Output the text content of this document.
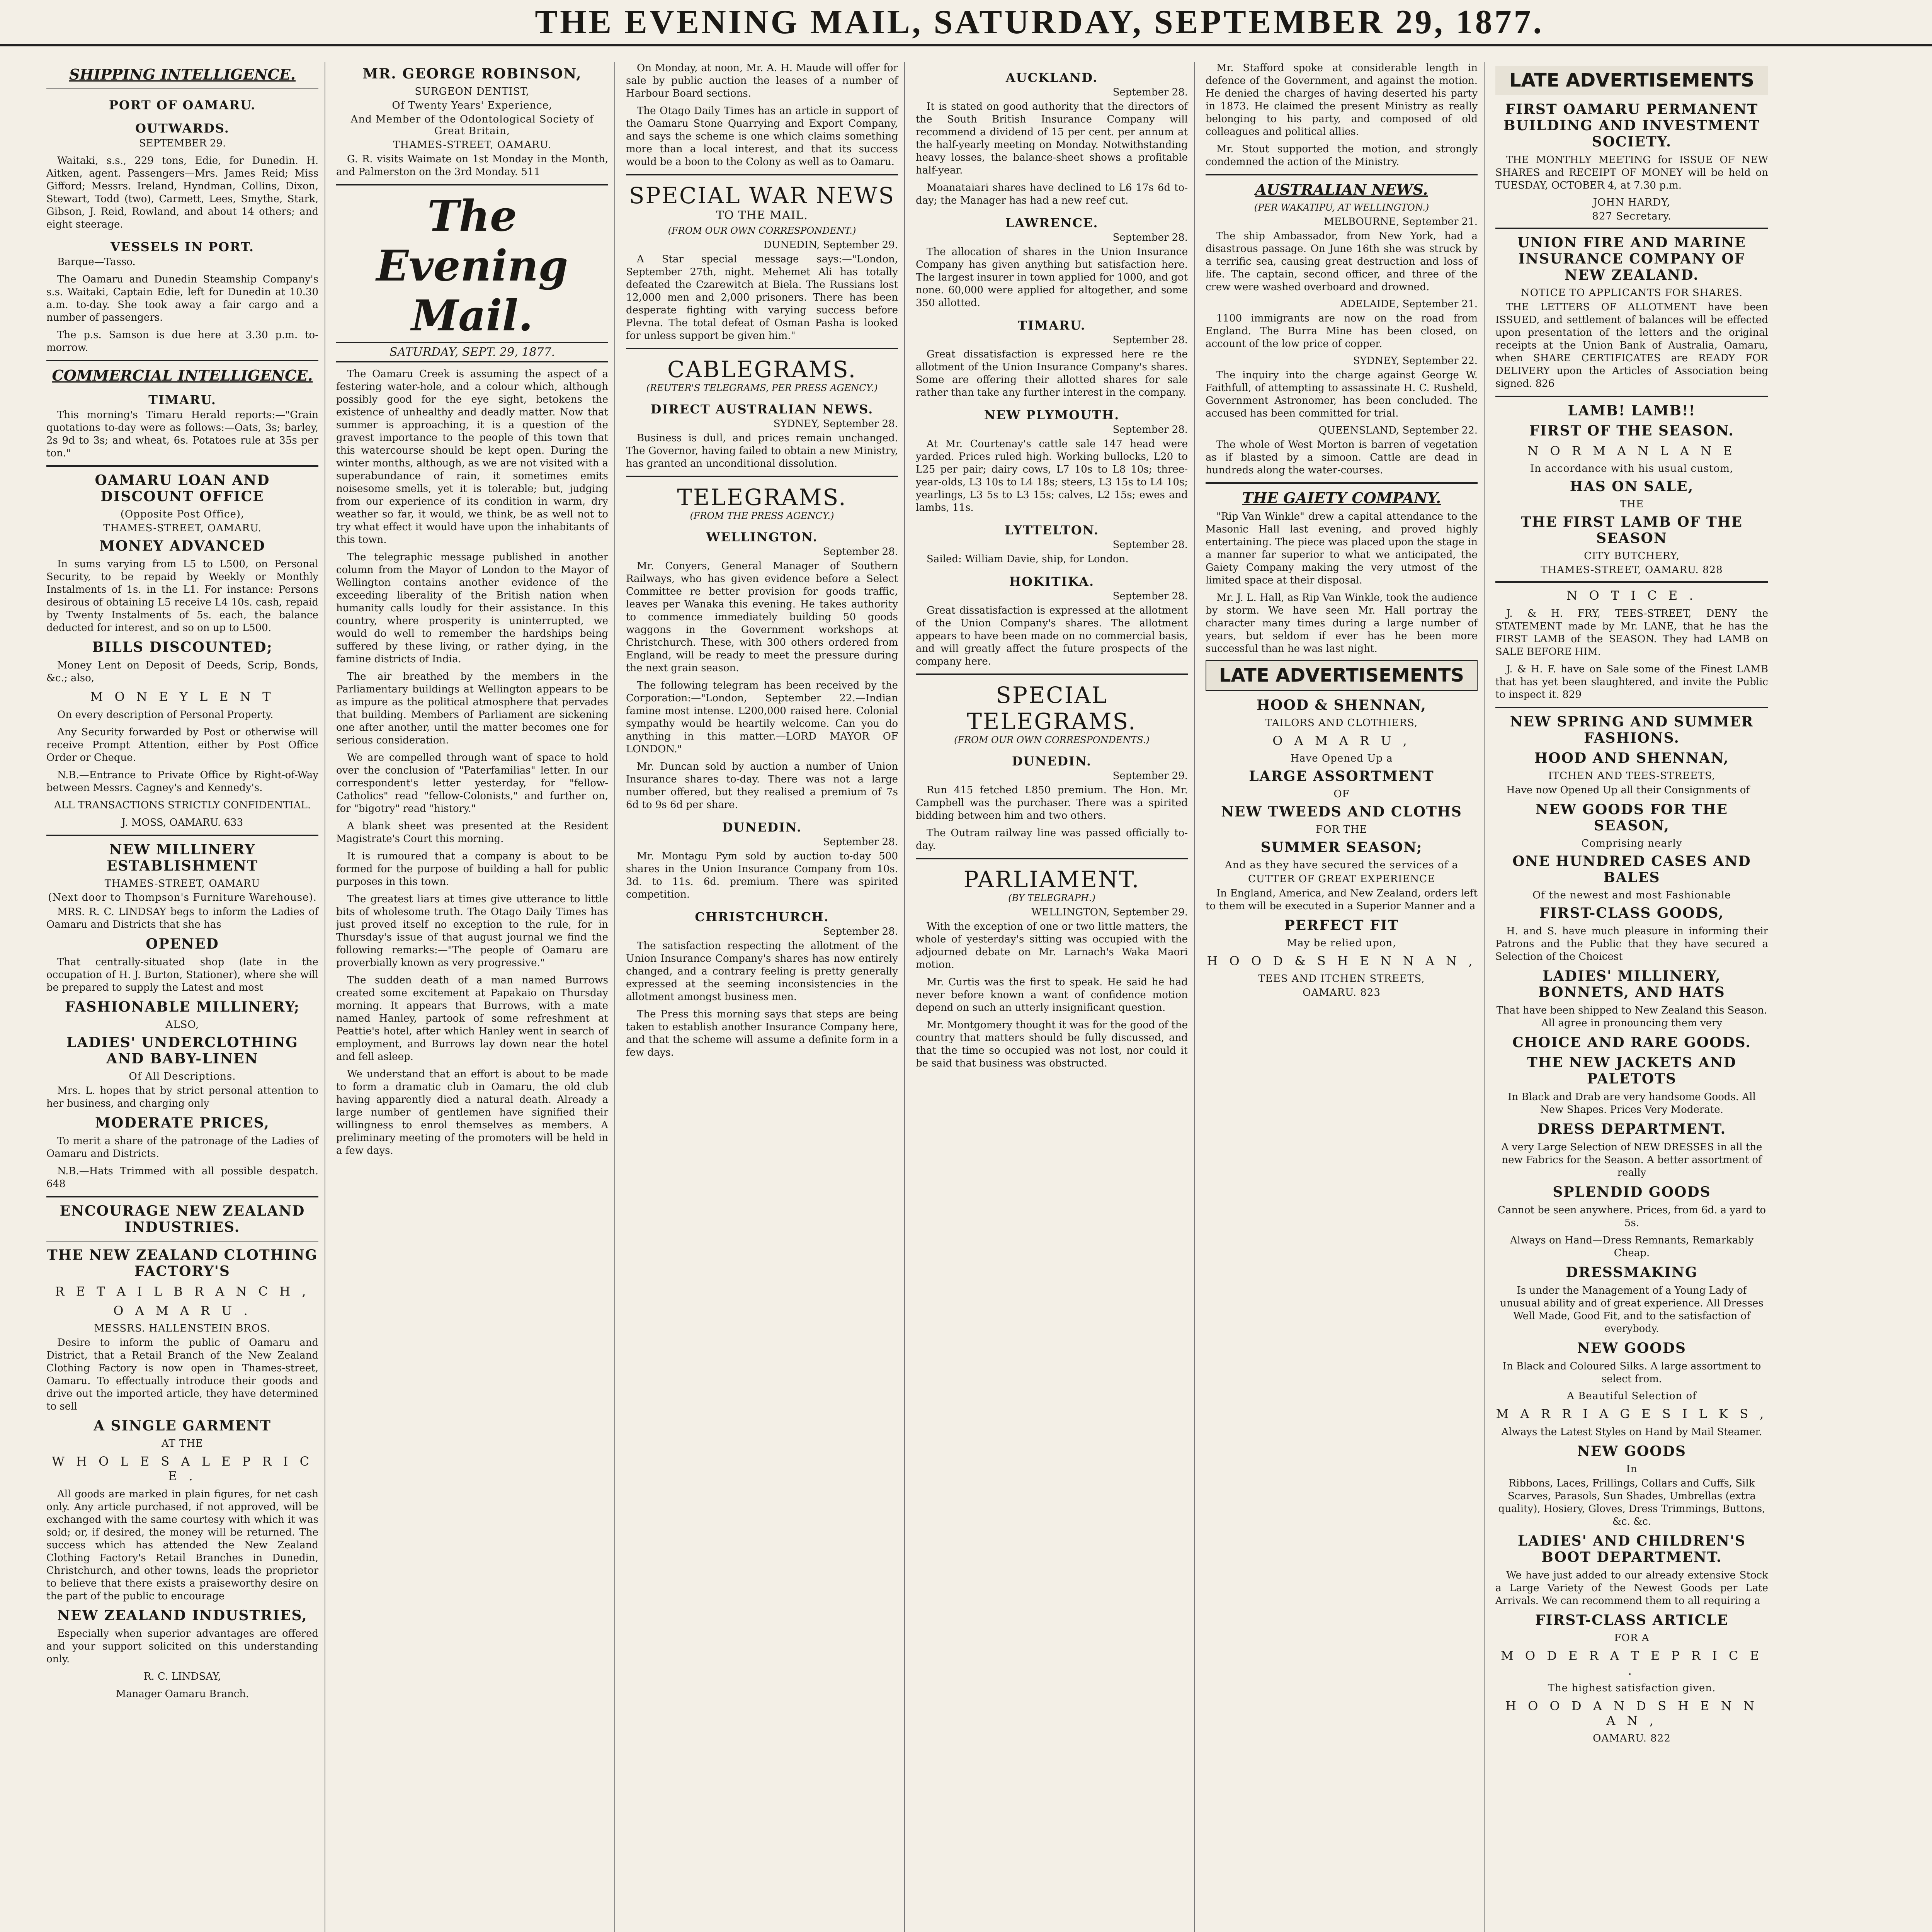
THE EVENING MAIL, SATURDAY, SEPTEMBER 29, 1877.
SHIPPING INTELLIGENCE.
PORT OF OAMARU.
OUTWARDS.

SEPTEMBER 29.

Waitaki, s.s., 229 tons, Edie, for Dunedin. H. Aitken, agent. Passengers—Mrs. James Reid; Miss Gifford; Messrs. Ireland, Hyndman, Collins, Dixon, Stewart, Todd (two), Carmett, Lees, Smythe, Stark, Gibson, J. Reid, Rowland, and about 14 others; and eight steerage.

VESSELS IN PORT.

Barque—Tasso.

The Oamaru and Dunedin Steamship Company's s.s. Waitaki, Captain Edie, left for Dunedin at 10.30 a.m. to-day. She took away a fair cargo and a number of passengers.

The p.s. Samson is due here at 3.30 p.m. to-morrow.

COMMERCIAL INTELLIGENCE.
TIMARU.

This morning's Timaru Herald reports:—"Grain quotations to-day were as follows:—Oats, 3s; barley, 2s 9d to 3s; and wheat, 6s. Potatoes rule at 35s per ton."

OAMARU LOAN AND DISCOUNT OFFICE
(Opposite Post Office),
THAMES-STREET, OAMARU.
MONEY ADVANCED

In sums varying from L5 to L500, on Personal Security, to be repaid by Weekly or Monthly Instalments of 1s. in the L1. For instance: Persons desirous of obtaining L5 receive L4 10s. cash, repaid by Twenty Instalments of 5s. each, the balance deducted for interest, and so on up to L500.

BILLS DISCOUNTED;

Money Lent on Deposit of Deeds, Scrip, Bonds, &c.; also,

M O N E Y L E N T

On every description of Personal Property.

Any Security forwarded by Post or otherwise will receive Prompt Attention, either by Post Office Order or Cheque.

N.B.—Entrance to Private Office by Right-of-Way between Messrs. Cagney's and Kennedy's.

ALL TRANSACTIONS STRICTLY CONFIDENTIAL.

J. MOSS, OAMARU. 633

NEW MILLINERY ESTABLISHMENT
THAMES-STREET, OAMARU
(Next door to Thompson's Furniture Warehouse).

MRS. R. C. LINDSAY begs to inform the Ladies of Oamaru and Districts that she has

OPENED

That centrally-situated shop (late in the occupation of H. J. Burton, Stationer), where she will be prepared to supply the Latest and most

FASHIONABLE MILLINERY;
ALSO,
LADIES' UNDERCLOTHING AND BABY-LINEN
Of All Descriptions.

Mrs. L. hopes that by strict personal attention to her business, and charging only

MODERATE PRICES,

To merit a share of the patronage of the Ladies of Oamaru and Districts.

N.B.—Hats Trimmed with all possible despatch. 648

ENCOURAGE NEW ZEALAND INDUSTRIES.
THE NEW ZEALAND CLOTHING FACTORY'S
R E T A I L B R A N C H ,
O A M A R U .
MESSRS. HALLENSTEIN BROS.

Desire to inform the public of Oamaru and District, that a Retail Branch of the New Zealand Clothing Factory is now open in Thames-street, Oamaru. To effectually introduce their goods and drive out the imported article, they have determined to sell

A SINGLE GARMENT
AT THE
W H O L E S A L E P R I C E .

All goods are marked in plain figures, for net cash only. Any article purchased, if not approved, will be exchanged with the same courtesy with which it was sold; or, if desired, the money will be returned. The success which has attended the New Zealand Clothing Factory's Retail Branches in Dunedin, Christchurch, and other towns, leads the proprietor to believe that there exists a praiseworthy desire on the part of the public to encourage

NEW ZEALAND INDUSTRIES,

Especially when superior advantages are offered and your support solicited on this understanding only.

R. C. LINDSAY,

Manager Oamaru Branch.

MR. GEORGE ROBINSON,
SURGEON DENTIST,
Of Twenty Years' Experience,
And Member of the Odontological Society of Great Britain,
THAMES-STREET, OAMARU.

G. R. visits Waimate on 1st Monday in the Month, and Palmerston on the 3rd Monday. 511

The Evening Mail.
SATURDAY, SEPT. 29, 1877.

The Oamaru Creek is assuming the aspect of a festering water-hole, and a colour which, although possibly good for the eye sight, betokens the existence of unhealthy and deadly matter. Now that summer is approaching, it is a question of the gravest importance to the people of this town that this watercourse should be kept open. During the winter months, although, as we are not visited with a superabundance of rain, it sometimes emits noisesome smells, yet it is tolerable; but, judging from our experience of its condition in warm, dry weather so far, it would, we think, be as well not to try what effect it would have upon the inhabitants of this town.

The telegraphic message published in another column from the Mayor of London to the Mayor of Wellington contains another evidence of the exceeding liberality of the British nation when humanity calls loudly for their assistance. In this country, where prosperity is uninterrupted, we would do well to remember the hardships being suffered by these living, or rather dying, in the famine districts of India.

The air breathed by the members in the Parliamentary buildings at Wellington appears to be as impure as the political atmosphere that pervades that building. Members of Parliament are sickening one after another, until the matter becomes one for serious consideration.

We are compelled through want of space to hold over the conclusion of "Paterfamilias" letter. In our correspondent's letter yesterday, for "fellow-Catholics" read "fellow-Colonists," and further on, for "bigotry" read "history."

A blank sheet was presented at the Resident Magistrate's Court this morning.

It is rumoured that a company is about to be formed for the purpose of building a hall for public purposes in this town.

The greatest liars at times give utterance to little bits of wholesome truth. The Otago Daily Times has just proved itself no exception to the rule, for in Thursday's issue of that august journal we find the following remarks:—"The people of Oamaru are proverbially known as very progressive."

The sudden death of a man named Burrows created some excitement at Papakaio on Thursday morning. It appears that Burrows, with a mate named Hanley, partook of some refreshment at Peattie's hotel, after which Hanley went in search of employment, and Burrows lay down near the hotel and fell asleep.

We understand that an effort is about to be made to form a dramatic club in Oamaru, the old club having apparently died a natural death. Already a large number of gentlemen have signified their willingness to enrol themselves as members. A preliminary meeting of the promoters will be held in a few days.

On Monday, at noon, Mr. A. H. Maude will offer for sale by public auction the leases of a number of Harbour Board sections.

The Otago Daily Times has an article in support of the Oamaru Stone Quarrying and Export Company, and says the scheme is one which claims something more than a local interest, and that its success would be a boon to the Colony as well as to Oamaru.

SPECIAL WAR NEWS
TO THE MAIL.
(FROM OUR OWN CORRESPONDENT.)
DUNEDIN, September 29.

A Star special message says:—"London, September 27th, night. Mehemet Ali has totally defeated the Czarewitch at Biela. The Russians lost 12,000 men and 2,000 prisoners. There has been desperate fighting with varying success before Plevna. The total defeat of Osman Pasha is looked for unless support be given him."

CABLEGRAMS.
(REUTER'S TELEGRAMS, PER PRESS AGENCY.)
DIRECT AUSTRALIAN NEWS.
SYDNEY, September 28.

Business is dull, and prices remain unchanged. The Governor, having failed to obtain a new Ministry, has granted an unconditional dissolution.

TELEGRAMS.
(FROM THE PRESS AGENCY.)
WELLINGTON.
September 28.

Mr. Conyers, General Manager of Southern Railways, who has given evidence before a Select Committee re better provision for goods traffic, leaves per Wanaka this evening. He takes authority to commence immediately building 50 goods waggons in the Government workshops at Christchurch. These, with 300 others ordered from England, will be ready to meet the pressure during the next grain season.

The following telegram has been received by the Corporation:—"London, September 22.—Indian famine most intense. L200,000 raised here. Colonial sympathy would be heartily welcome. Can you do anything in this matter.—LORD MAYOR OF LONDON."

Mr. Duncan sold by auction a number of Union Insurance shares to-day. There was not a large number offered, but they realised a premium of 7s 6d to 9s 6d per share.

DUNEDIN.
September 28.

Mr. Montagu Pym sold by auction to-day 500 shares in the Union Insurance Company from 10s. 3d. to 11s. 6d. premium. There was spirited competition.

CHRISTCHURCH.
September 28.

The satisfaction respecting the allotment of the Union Insurance Company's shares has now entirely changed, and a contrary feeling is pretty generally expressed at the seeming inconsistencies in the allotment amongst business men.

The Press this morning says that steps are being taken to establish another Insurance Company here, and that the scheme will assume a definite form in a few days.

AUCKLAND.
September 28.

It is stated on good authority that the directors of the South British Insurance Company will recommend a dividend of 15 per cent. per annum at the half-yearly meeting on Monday. Notwithstanding heavy losses, the balance-sheet shows a profitable half-year.

Moanataiari shares have declined to L6 17s 6d to-day; the Manager has had a new reef cut.

LAWRENCE.
September 28.

The allocation of shares in the Union Insurance Company has given anything but satisfaction here. The largest insurer in town applied for 1000, and got none. 60,000 were applied for altogether, and some 350 allotted.

TIMARU.
September 28.

Great dissatisfaction is expressed here re the allotment of the Union Insurance Company's shares. Some are offering their allotted shares for sale rather than take any further interest in the company.

NEW PLYMOUTH.
September 28.

At Mr. Courtenay's cattle sale 147 head were yarded. Prices ruled high. Working bullocks, L20 to L25 per pair; dairy cows, L7 10s to L8 10s; three-year-olds, L3 10s to L4 18s; steers, L3 15s to L4 10s; yearlings, L3 5s to L3 15s; calves, L2 15s; ewes and lambs, 11s.

LYTTELTON.
September 28.

Sailed: William Davie, ship, for London.

HOKITIKA.
September 28.

Great dissatisfaction is expressed at the allotment of the Union Company's shares. The allotment appears to have been made on no commercial basis, and will greatly affect the future prospects of the company here.

SPECIAL TELEGRAMS.
(FROM OUR OWN CORRESPONDENTS.)
DUNEDIN.
September 29.

Run 415 fetched L850 premium. The Hon. Mr. Campbell was the purchaser. There was a spirited bidding between him and two others.

The Outram railway line was passed officially to-day.

PARLIAMENT.
(BY TELEGRAPH.)
WELLINGTON, September 29.

With the exception of one or two little matters, the whole of yesterday's sitting was occupied with the adjourned debate on Mr. Larnach's Waka Maori motion.

Mr. Curtis was the first to speak. He said he had never before known a want of confidence motion depend on such an utterly insignificant question.

Mr. Montgomery thought it was for the good of the country that matters should be fully discussed, and that the time so occupied was not lost, nor could it be said that business was obstructed.

Mr. Stafford spoke at considerable length in defence of the Government, and against the motion. He denied the charges of having deserted his party in 1873. He claimed the present Ministry as really belonging to his party, and composed of old colleagues and political allies.

Mr. Stout supported the motion, and strongly condemned the action of the Ministry.

AUSTRALIAN NEWS.
(PER WAKATIPU, AT WELLINGTON.)
MELBOURNE, September 21.

The ship Ambassador, from New York, had a disastrous passage. On June 16th she was struck by a terrific sea, causing great destruction and loss of life. The captain, second officer, and three of the crew were washed overboard and drowned.

ADELAIDE, September 21.

1100 immigrants are now on the road from England. The Burra Mine has been closed, on account of the low price of copper.

SYDNEY, September 22.

The inquiry into the charge against George W. Faithfull, of attempting to assassinate H. C. Rusheld, Government Astronomer, has been concluded. The accused has been committed for trial.

QUEENSLAND, September 22.

The whole of West Morton is barren of vegetation as if blasted by a simoon. Cattle are dead in hundreds along the water-courses.

THE GAIETY COMPANY.

"Rip Van Winkle" drew a capital attendance to the Masonic Hall last evening, and proved highly entertaining. The piece was placed upon the stage in a manner far superior to what we anticipated, the Gaiety Company making the very utmost of the limited space at their disposal.

Mr. J. L. Hall, as Rip Van Winkle, took the audience by storm. We have seen Mr. Hall portray the character many times during a large number of years, but seldom if ever has he been more successful than he was last night.

LATE ADVERTISEMENTS
HOOD & SHENNAN,
TAILORS AND CLOTHIERS,
O A M A R U ,
Have Opened Up a
LARGE ASSORTMENT
OF
NEW TWEEDS AND CLOTHS
FOR THE
SUMMER SEASON;
And as they have secured the services of a
CUTTER OF GREAT EXPERIENCE

In England, America, and New Zealand, orders left to them will be executed in a Superior Manner and a

PERFECT FIT
May be relied upon,
H O O D & S H E N N A N ,
TEES AND ITCHEN STREETS,
OAMARU. 823
LATE ADVERTISEMENTS
FIRST OAMARU PERMANENT BUILDING AND INVESTMENT SOCIETY.

THE MONTHLY MEETING for ISSUE OF NEW SHARES and RECEIPT OF MONEY will be held on TUESDAY, OCTOBER 4, at 7.30 p.m.

JOHN HARDY,
827 Secretary.
UNION FIRE AND MARINE INSURANCE COMPANY OF NEW ZEALAND.
NOTICE TO APPLICANTS FOR SHARES.

THE LETTERS OF ALLOTMENT have been ISSUED, and settlement of balances will be effected upon presentation of the letters and the original receipts at the Union Bank of Australia, Oamaru, when SHARE CERTIFICATES are READY FOR DELIVERY upon the Articles of Association being signed. 826

LAMB! LAMB!!
FIRST OF THE SEASON.
N O R M A N L A N E
In accordance with his usual custom,
HAS ON SALE,
THE
THE FIRST LAMB OF THE SEASON
CITY BUTCHERY,
THAMES-STREET, OAMARU. 828
N O T I C E .

J. & H. FRY, TEES-STREET, DENY the STATEMENT made by Mr. LANE, that he has the FIRST LAMB of the SEASON. They had LAMB on SALE BEFORE HIM.

J. & H. F. have on Sale some of the Finest LAMB that has yet been slaughtered, and invite the Public to inspect it. 829

NEW SPRING AND SUMMER FASHIONS.
HOOD AND SHENNAN,
ITCHEN AND TEES-STREETS,

Have now Opened Up all their Consignments of

NEW GOODS FOR THE SEASON,
Comprising nearly
ONE HUNDRED CASES AND BALES
Of the newest and most Fashionable
FIRST-CLASS GOODS,

H. and S. have much pleasure in informing their Patrons and the Public that they have secured a Selection of the Choicest

LADIES' MILLINERY, BONNETS, AND HATS

That have been shipped to New Zealand this Season. All agree in pronouncing them very

CHOICE AND RARE GOODS.
THE NEW JACKETS AND PALETOTS

In Black and Drab are very handsome Goods. All New Shapes. Prices Very Moderate.

DRESS DEPARTMENT.

A very Large Selection of NEW DRESSES in all the new Fabrics for the Season. A better assortment of really

SPLENDID GOODS

Cannot be seen anywhere. Prices, from 6d. a yard to 5s.

Always on Hand—Dress Remnants, Remarkably Cheap.

DRESSMAKING

Is under the Management of a Young Lady of unusual ability and of great experience. All Dresses Well Made, Good Fit, and to the satisfaction of everybody.

NEW GOODS

In Black and Coloured Silks. A large assortment to select from.

A Beautiful Selection of
M A R R I A G E S I L K S ,

Always the Latest Styles on Hand by Mail Steamer.

NEW GOODS
In

Ribbons, Laces, Frillings, Collars and Cuffs, Silk Scarves, Parasols, Sun Shades, Umbrellas (extra quality), Hosiery, Gloves, Dress Trimmings, Buttons, &c. &c.

LADIES' AND CHILDREN'S BOOT DEPARTMENT.

We have just added to our already extensive Stock a Large Variety of the Newest Goods per Late Arrivals. We can recommend them to all requiring a

FIRST-CLASS ARTICLE
FOR A
M O D E R A T E P R I C E .
The highest satisfaction given.
H O O D A N D S H E N N A N ,
OAMARU. 822
